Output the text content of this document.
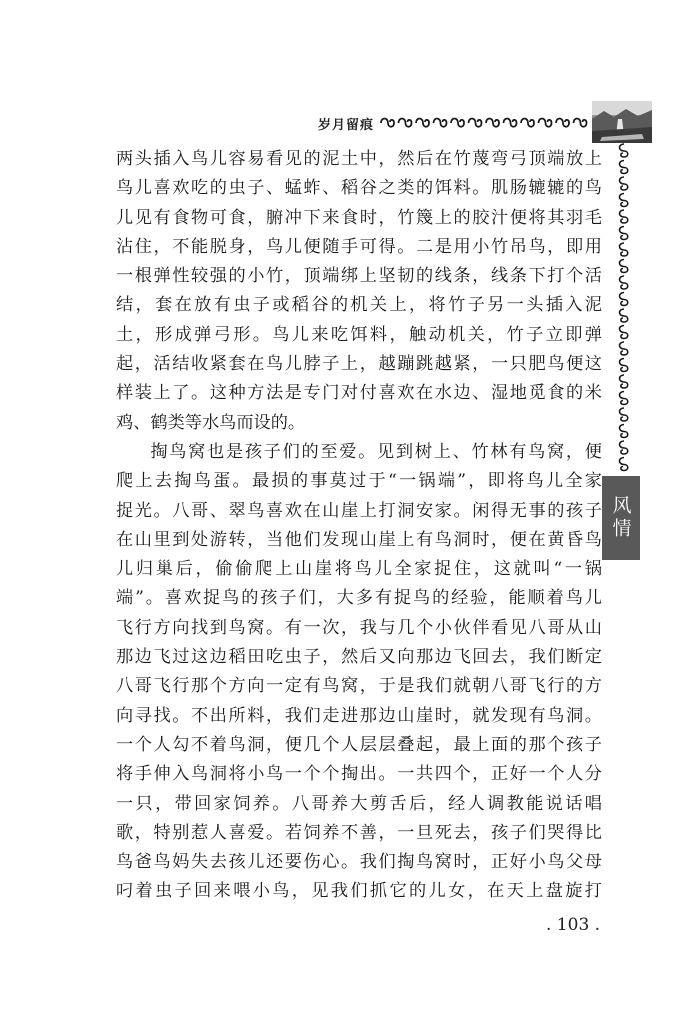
岁月留痕
风情
两头插入鸟儿容易看见的泥土中，然后在竹蔑弯弓顶端放上
鸟儿喜欢吃的虫子、蜢蚱、稻谷之类的饵料。肌肠辘辘的鸟
儿见有食物可食，腑冲下来食时，竹篾上的胶汁便将其羽毛
沾住，不能脱身，鸟儿便随手可得。二是用小竹吊鸟，即用
一根弹性较强的小竹，顶端绑上坚韧的线条，线条下打个活
结，套在放有虫子或稻谷的机关上，将竹子另一头插入泥
土，形成弹弓形。鸟儿来吃饵料，触动机关，竹子立即弹
起，活结收紧套在鸟儿脖子上，越蹦跳越紧，一只肥鸟便这
样装上了。这种方法是专门对付喜欢在水边、湿地觅食的米
鸡、鹤类等水鸟而设的。
掏鸟窝也是孩子们的至爱。见到树上、竹林有鸟窝，便
爬上去掏鸟蛋。最损的事莫过于“一锅端”，即将鸟儿全家
捉光。八哥、翠鸟喜欢在山崖上打洞安家。闲得无事的孩子
在山里到处游转，当他们发现山崖上有鸟洞时，便在黄昏鸟
儿归巢后，偷偷爬上山崖将鸟儿全家捉住，这就叫“一锅
端”。喜欢捉鸟的孩子们，大多有捉鸟的经验，能顺着鸟儿
飞行方向找到鸟窝。有一次，我与几个小伙伴看见八哥从山
那边飞过这边稻田吃虫子，然后又向那边飞回去，我们断定
八哥飞行那个方向一定有鸟窝，于是我们就朝八哥飞行的方
向寻找。不出所料，我们走进那边山崖时，就发现有鸟洞。
一个人勾不着鸟洞，便几个人层层叠起，最上面的那个孩子
将手伸入鸟洞将小鸟一个个掏出。一共四个，正好一个人分
一只，带回家饲养。八哥养大剪舌后，经人调教能说话唱
歌，特别惹人喜爱。若饲养不善，一旦死去，孩子们哭得比
鸟爸鸟妈失去孩儿还要伤心。我们掏鸟窝时，正好小鸟父母
叼着虫子回来喂小鸟，见我们抓它的儿女，在天上盘旋打
. 103 .
